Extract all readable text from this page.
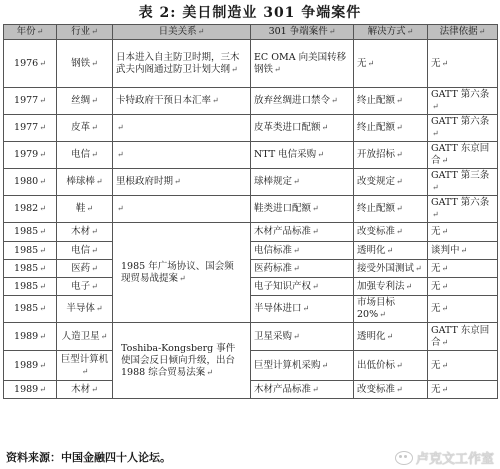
表 2: 美日制造业 301 争端案件
年份↵	行业↵	日美关系↵	301 争端案件↵	解决方式↵	法律依据↵
1976↵	钢铁↵	日本进入自主防卫时期，三木武夫内阁通过防卫计划大纲↵	EC OMA 向美国转移钢铁↵	无↵	无↵
1977↵	丝绸↵	卡特政府干预日本汇率↵	放弃丝绸进口禁令↵	终止配额↵	GATT 第六条↵
1977↵	皮革↵	↵	皮革类进口配额↵	终止配额↵	GATT 第六条↵
1979↵	电信↵	↵	NTT 电信采购↵	开放招标↵	GATT 东京回合↵
1980↵	棒球棒↵	里根政府时期↵	球棒规定↵	改变规定↵	GATT 第三条↵
1982↵	鞋↵	↵	鞋类进口配额↵	终止配额↵	GATT 第六条↵
1985↵	木材↵	1985 年广场协议、国会频现贸易战提案↵	木材产品标准↵	改变标准↵	无↵
1985↵	电信↵		电信标准↵	透明化↵	谈判中↵
1985↵	医药↵		医药标准↵	接受外国测试↵	无↵
1985↵	电子↵		电子知识产权↵	加强专利法↵	无↵
1985↵	半导体↵		半导体进口↵	市场目标 20%↵	无↵
1989↵	人造卫星↵	Toshiba-Kongsberg 事件使国会反日倾向升级，出台 1988 综合贸易法案↵	卫星采购↵	透明化↵	GATT 东京回合↵
1989↵	巨型计算机↵		巨型计算机采购↵	出低价标↵	无↵
1989↵	木材↵		木材产品标准↵	改变标准↵	无↵
资料来源：中国金融四十人论坛。	卢克文工作室
